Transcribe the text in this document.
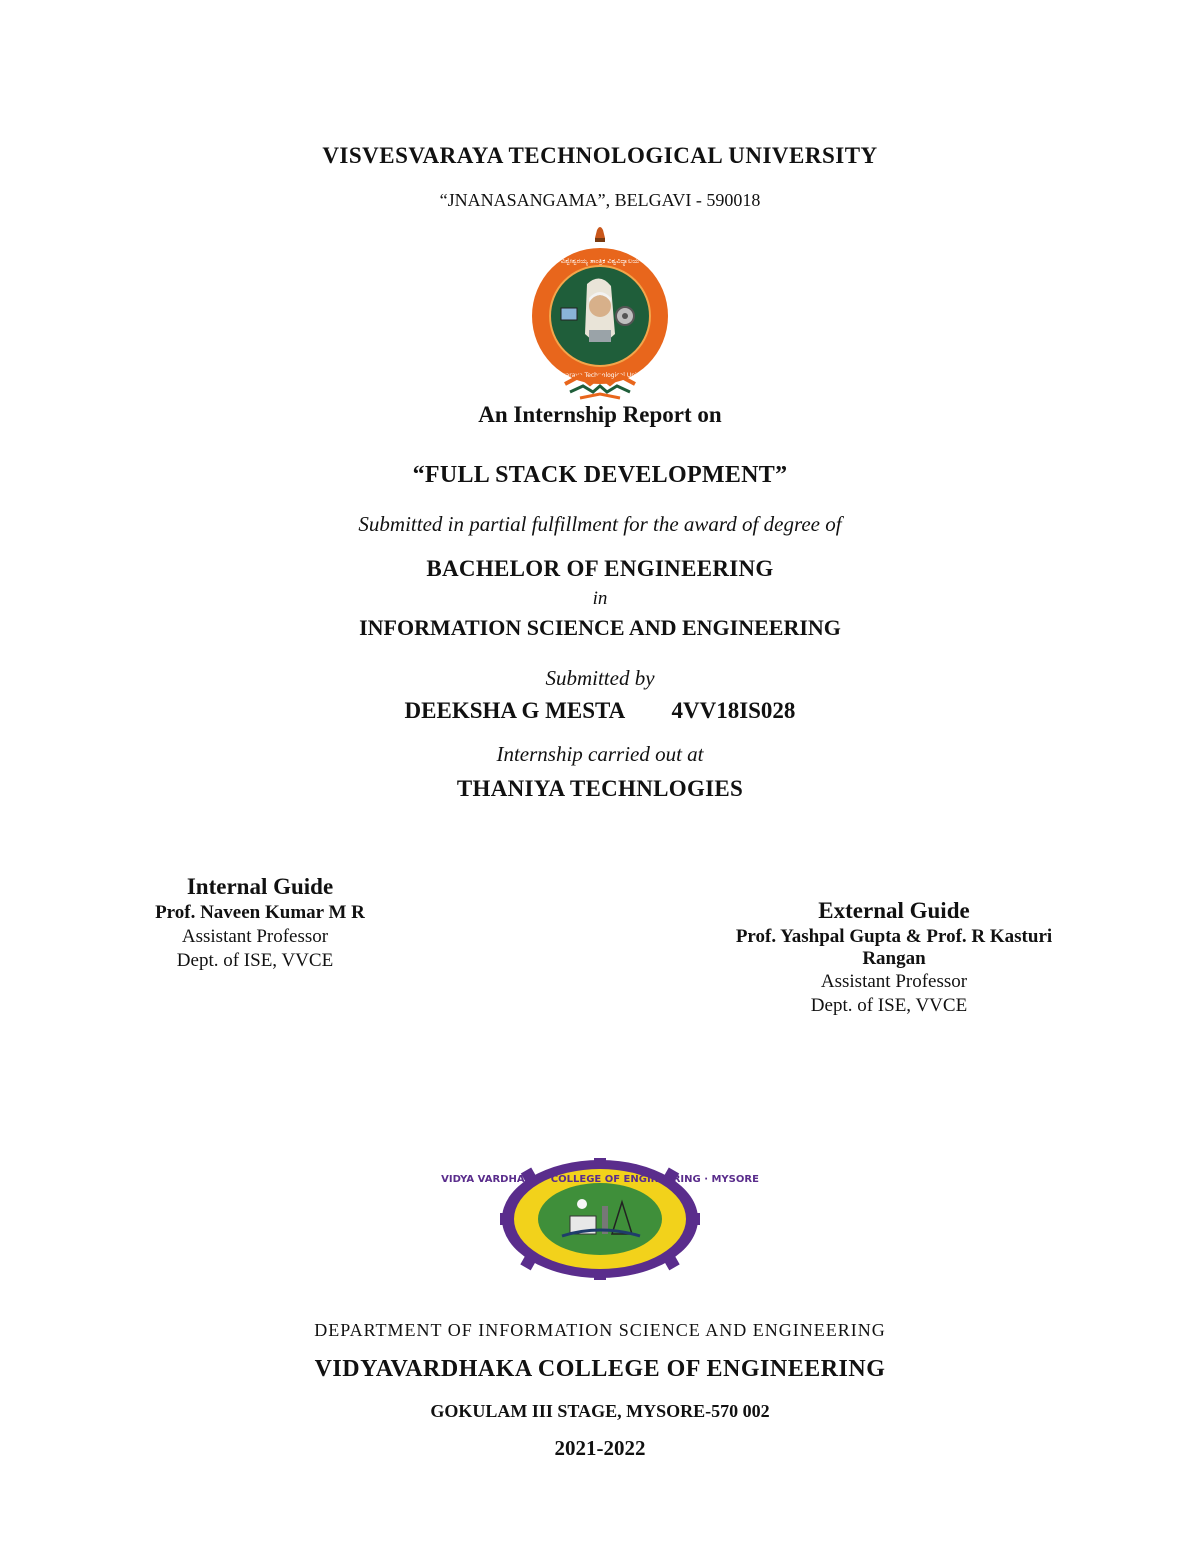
VISVESVARAYA TECHNOLOGICAL UNIVERSITY
“JNANASANGAMA”, BELGAVI - 590018
ವಿಶ್ವೇಶ್ವರಯ್ಯ ತಾಂತ್ರಿಕ ವಿಶ್ವವಿದ್ಯಾಲಯ
Visvesvaraya Technological University
An Internship Report on
“FULL STACK DEVELOPMENT”
Submitted in partial fulfillment for the award of degree of
BACHELOR OF ENGINEERING
in
INFORMATION SCIENCE AND ENGINEERING
Submitted by
DEEKSHA G MESTA 4VV18IS028
Internship carried out at
THANIYA TECHNLOGIES
Internal Guide
Prof. Naveen Kumar M R
Assistant Professor
Dept. of ISE, VVCE
External Guide
Prof. Yashpal Gupta & Prof. R Kasturi
Rangan
Assistant Professor
Dept. of ISE, VVCE
VIDYA VARDHAKA · COLLEGE OF ENGINEERING · MYSORE
DEPARTMENT OF INFORMATION SCIENCE AND ENGINEERING
VIDYAVARDHAKA COLLEGE OF ENGINEERING
GOKULAM III STAGE, MYSORE-570 002
2021-2022
